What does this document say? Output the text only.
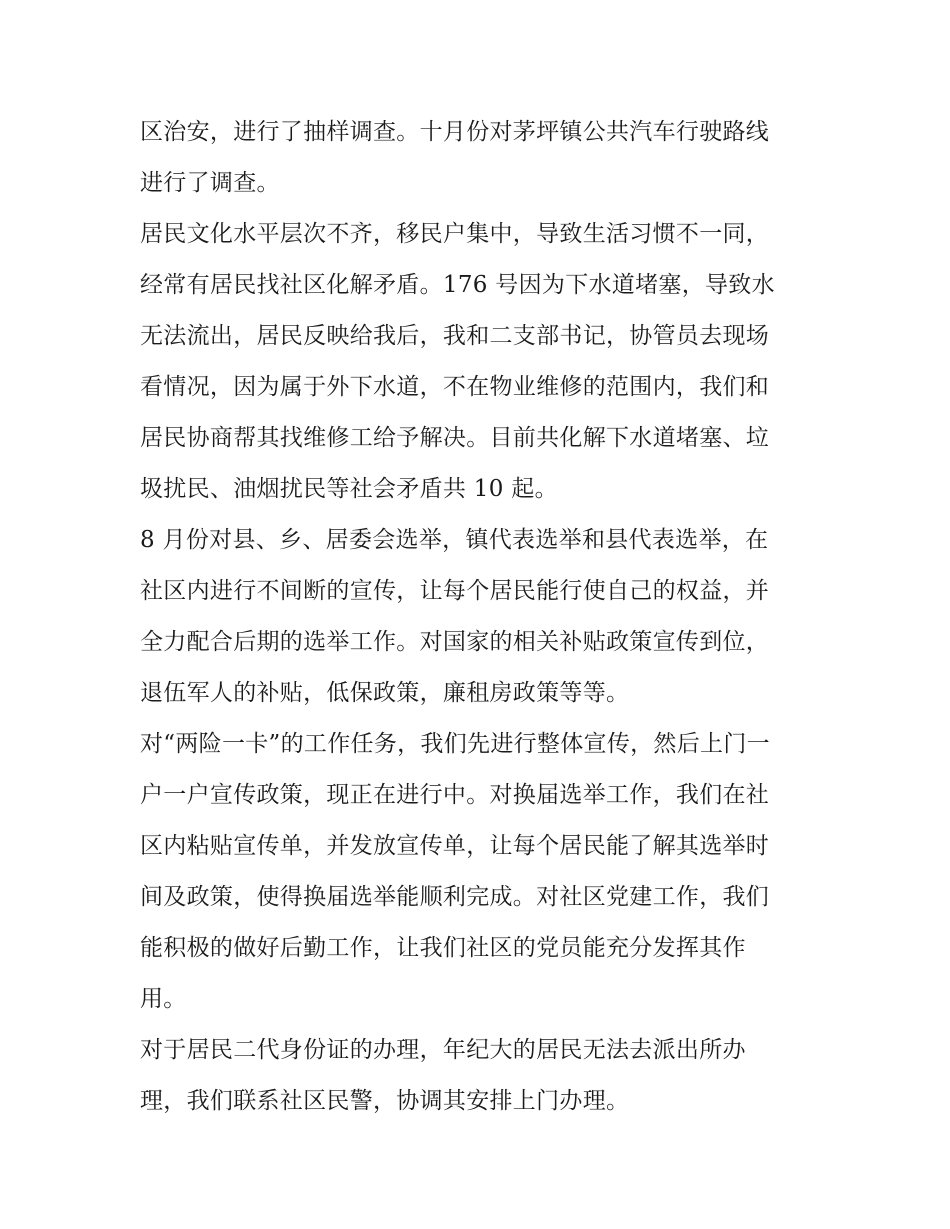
区治安，进行了抽样调查。十月份对茅坪镇公共汽车行驶路线
进行了调查。
居民文化水平层次不齐，移民户集中，导致生活习惯不一同，
经常有居民找社区化解矛盾。176 号因为下水道堵塞，导致水
无法流出，居民反映给我后，我和二支部书记，协管员去现场
看情况，因为属于外下水道，不在物业维修的范围内，我们和
居民协商帮其找维修工给予解决。目前共化解下水道堵塞、垃
圾扰民、油烟扰民等社会矛盾共 10 起。
8 月份对县、乡、居委会选举，镇代表选举和县代表选举，在
社区内进行不间断的宣传，让每个居民能行使自己的权益，并
全力配合后期的选举工作。对国家的相关补贴政策宣传到位，
退伍军人的补贴，低保政策，廉租房政策等等。
对“两险一卡”的工作任务，我们先进行整体宣传，然后上门一
户一户宣传政策，现正在进行中。对换届选举工作，我们在社
区内粘贴宣传单，并发放宣传单，让每个居民能了解其选举时
间及政策，使得换届选举能顺利完成。对社区党建工作，我们
能积极的做好后勤工作，让我们社区的党员能充分发挥其作
用。
对于居民二代身份证的办理，年纪大的居民无法去派出所办
理，我们联系社区民警，协调其安排上门办理。
